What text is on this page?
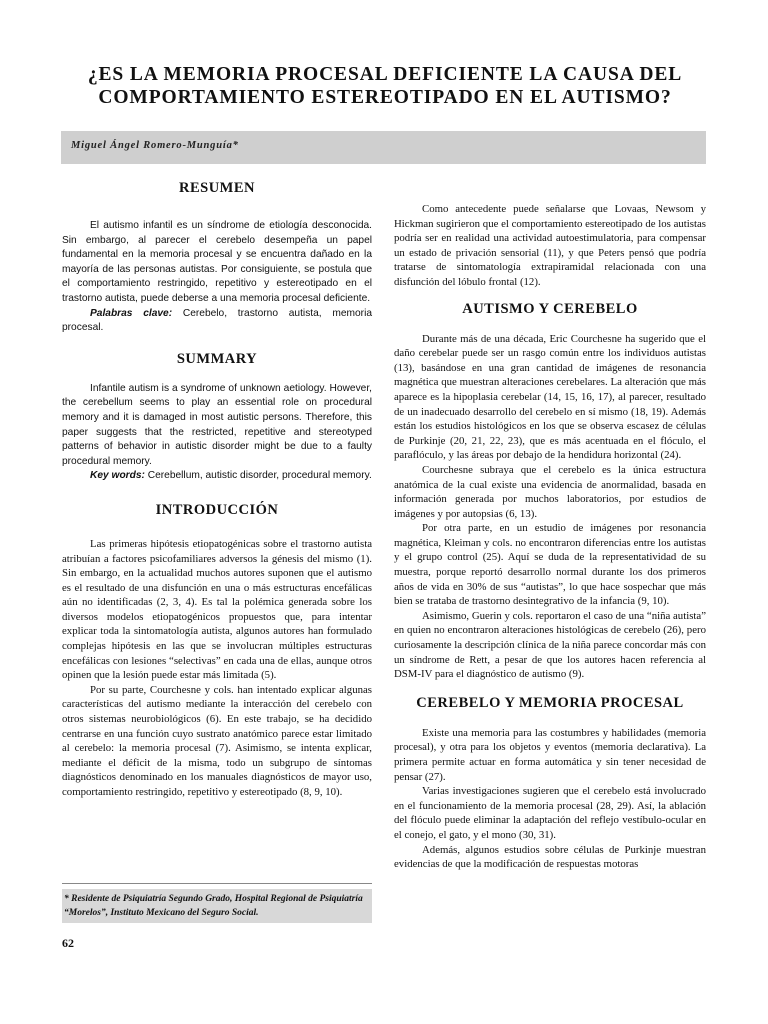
¿ES LA MEMORIA PROCESAL DEFICIENTE LA CAUSA DEL
COMPORTAMIENTO ESTEREOTIPADO EN EL AUTISMO?
Miguel Ángel Romero-Munguía*
RESUMEN

El autismo infantil es un síndrome de etiología desconocida. Sin embargo, al parecer el cerebelo desempeña un papel fundamental en la memoria procesal y se encuentra dañado en la mayoría de las personas autistas. Por consiguiente, se postula que el comportamiento restringido, repetitivo y estereotipado en el trastorno autista, puede deberse a una memoria procesal deficiente.

Palabras clave: Cerebelo, trastorno autista, memoria procesal.

SUMMARY

Infantile autism is a syndrome of unknown aetiology. However, the cerebellum seems to play an essential role on procedural memory and it is damaged in most autistic persons. Therefore, this paper suggests that the restricted, repetitive and stereotyped patterns of behavior in autistic disorder might be due to a faulty procedural memory.

Key words: Cerebellum, autistic disorder, procedural memory.

INTRODUCCIÓN

Las primeras hipótesis etiopatogénicas sobre el trastorno autista atribuían a factores psicofamiliares adversos la génesis del mismo (1). Sin embargo, en la actualidad muchos autores suponen que el autismo es el resultado de una disfunción en una o más estructuras encefálicas aún no identificadas (2, 3, 4). Es tal la polémica generada sobre los diversos modelos etiopatogénicos propuestos que, para intentar explicar toda la sintomatología autista, algunos autores han formulado complejas hipótesis en las que se involucran múltiples estructuras encefálicas con lesiones “selectivas” en cada una de ellas, aunque otros opinen que la lesión puede estar más limitada (5).

Por su parte, Courchesne y cols. han intentado explicar algunas características del autismo mediante la interacción del cerebelo con otros sistemas neurobiológicos (6). En este trabajo, se ha decidido centrarse en una función cuyo sustrato anatómico parece estar limitado al cerebelo: la memoria procesal (7). Asimismo, se intenta explicar, mediante el déficit de la misma, todo un subgrupo de síntomas diagnósticos denominado en los manuales diagnósticos de mayor uso, comportamiento restringido, repetitivo y estereotipado (8, 9, 10).

* Residente de Psiquiatría Segundo Grado, Hospital Regional de Psiquiatría “Morelos”, Instituto Mexicano del Seguro Social.

62

Como antecedente puede señalarse que Lovaas, Newsom y Hickman sugirieron que el comportamiento estereotipado de los autistas podría ser en realidad una actividad autoestimulatoria, para compensar un estado de privación sensorial (11), y que Peters pensó que podría tratarse de sintomatología extrapiramidal relacionada con una disfunción del lóbulo frontal (12).

AUTISMO Y CEREBELO

Durante más de una década, Eric Courchesne ha sugerido que el daño cerebelar puede ser un rasgo común entre los individuos autistas (13), basándose en una gran cantidad de imágenes de resonancia magnética que muestran alteraciones cerebelares. La alteración que más aparece es la hipoplasia cerebelar (14, 15, 16, 17), al parecer, resultado de un inadecuado desarrollo del cerebelo en sí mismo (18, 19). Además están los estudios histológicos en los que se observa escasez de células de Purkinje (20, 21, 22, 23), que es más acentuada en el flóculo, el paraflóculo, y las áreas por debajo de la hendidura horizontal (24).

Courchesne subraya que el cerebelo es la única estructura anatómica de la cual existe una evidencia de anormalidad, basada en información generada por muchos laboratorios, por estudios de imágenes y por autopsias (6, 13).

Por otra parte, en un estudio de imágenes por resonancia magnética, Kleiman y cols. no encontraron diferencias entre los autistas y el grupo control (25). Aquí se duda de la representatividad de su muestra, porque reportó desarrollo normal durante los dos primeros años de vida en 30% de sus “autistas”, lo que hace sospechar que más bien se trataba de trastorno desintegrativo de la infancia (9, 10).

Asimismo, Guerin y cols. reportaron el caso de una “niña autista” en quien no encontraron alteraciones histológicas de cerebelo (26), pero curiosamente la descripción clínica de la niña parece concordar más con un síndrome de Rett, a pesar de que los autores hacen referencia al DSM-IV para el diagnóstico de autismo (9).

CEREBELO Y MEMORIA PROCESAL

Existe una memoria para las costumbres y habilidades (memoria procesal), y otra para los objetos y eventos (memoria declarativa). La primera permite actuar en forma automática y sin tener necesidad de pensar (27).

Varias investigaciones sugieren que el cerebelo está involucrado en el funcionamiento de la memoria procesal (28, 29). Así, la ablación del flóculo puede eliminar la adaptación del reflejo vestíbulo-ocular en el conejo, el gato, y el mono (30, 31).

Además, algunos estudios sobre células de Purkinje muestran evidencias de que la modificación de respuestas motoras
